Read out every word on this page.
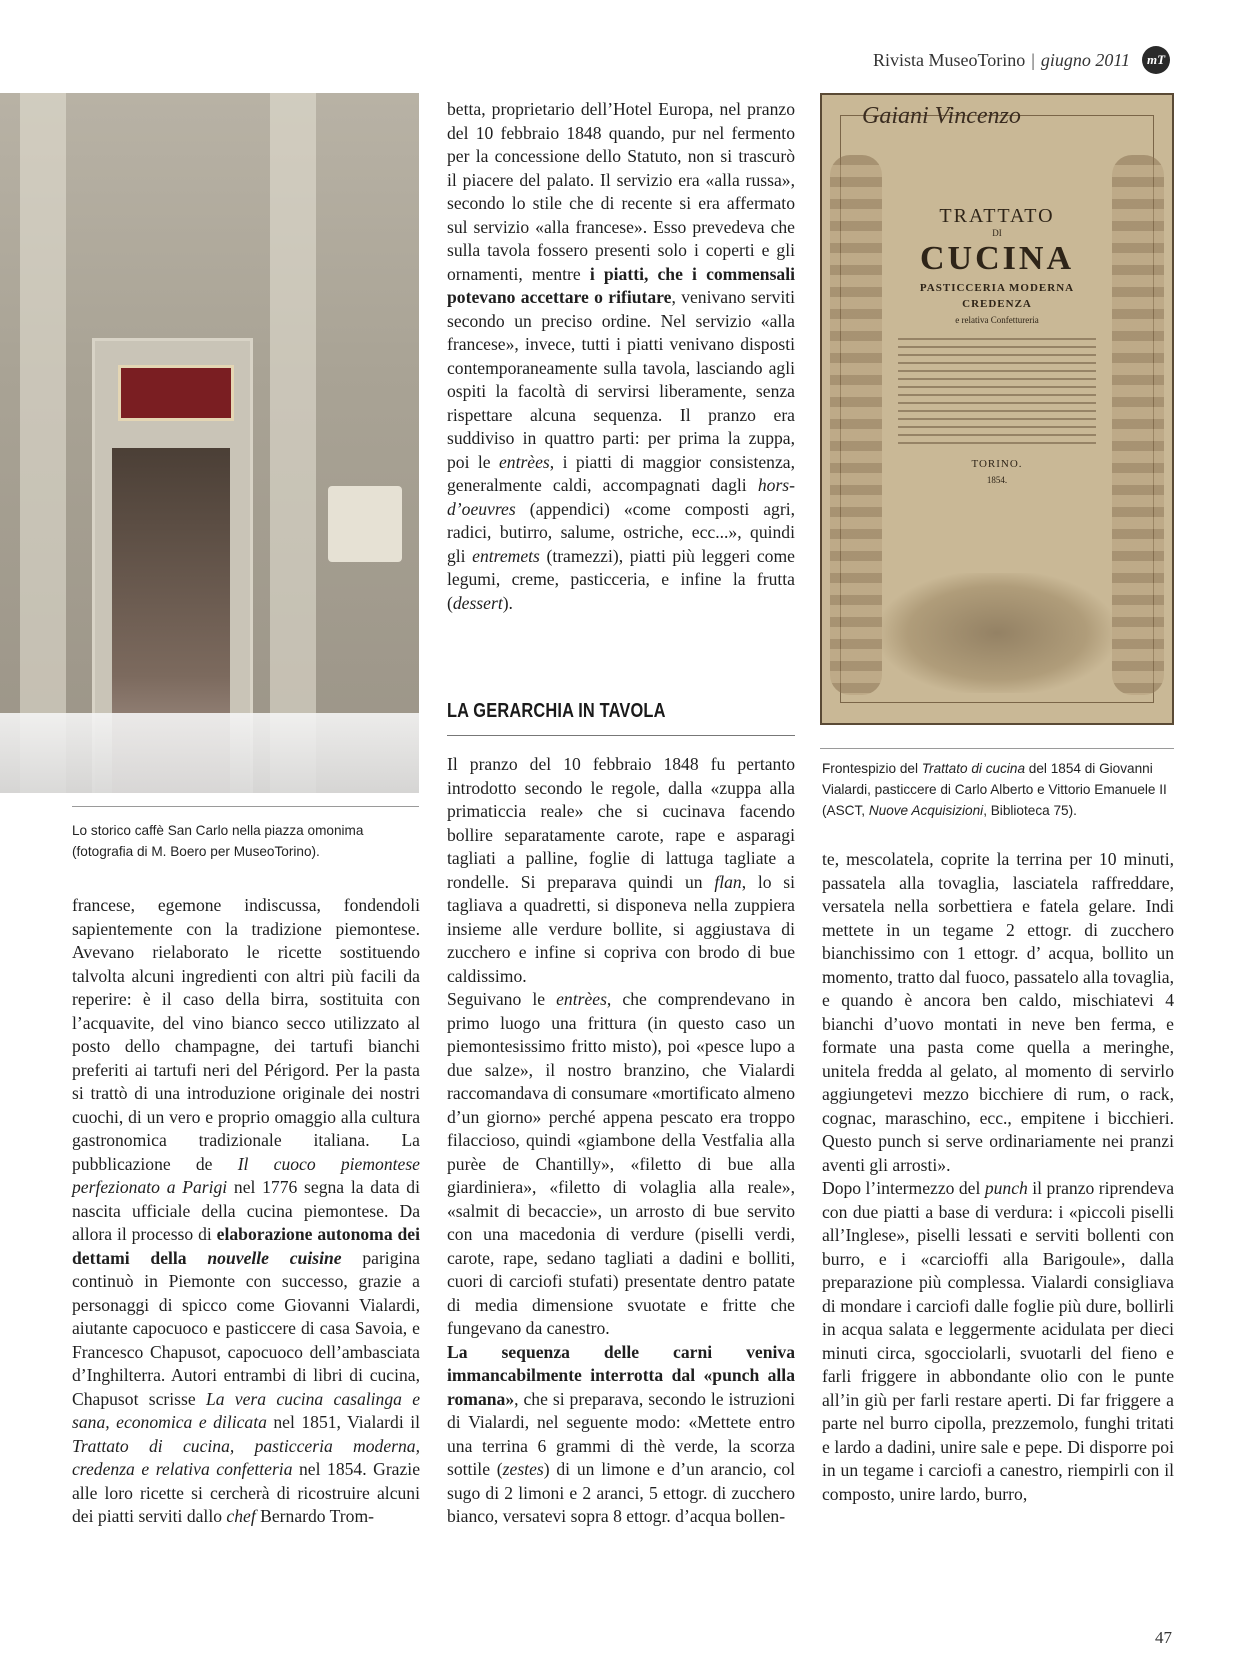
Rivista MuseoTorino | giugno 2011	mT
Lo storico caffè San Carlo nella piazza omonima (fotografia di M. Boero per MuseoTorino).

francese, egemone indiscussa, fondendoli sapientemente con la tradizione piemontese. Avevano rielaborato le ricette sostituendo talvolta alcuni ingredienti con altri più facili da reperire: è il caso della birra, sostituita con l’acquavite, del vino bianco secco utilizzato al posto dello champagne, dei tartufi bianchi preferiti ai tartufi neri del Périgord. Per la pasta si trattò di una introduzione originale dei nostri cuochi, di un vero e proprio omaggio alla cultura gastronomica tradizionale italiana. La pubblicazione de Il cuoco piemontese perfezionato a Parigi nel 1776 segna la data di nascita ufficiale della cucina piemontese. Da allora il processo di elaborazione autonoma dei dettami della nouvelle cuisine parigina continuò in Piemonte con successo, grazie a personaggi di spicco come Giovanni Vialardi, aiutante capocuoco e pasticcere di casa Savoia, e Francesco Chapusot, capocuoco dell’ambasciata d’Inghilterra. Autori entrambi di libri di cucina, Chapusot scrisse La vera cucina casalinga e sana, economica e dilicata nel 1851, Vialardi il Trattato di cucina, pasticceria moderna, credenza e relativa confetteria nel 1854. Grazie alle loro ricette si cercherà di ricostruire alcuni dei piatti serviti dallo chef Bernardo Trom-

betta, proprietario dell’Hotel Europa, nel pranzo del 10 febbraio 1848 quando, pur nel fermento per la concessione dello Statuto, non si trascurò il piacere del palato. Il servizio era «alla russa», secondo lo stile che di recente si era affermato sul servizio «alla francese». Esso prevedeva che sulla tavola fossero presenti solo i coperti e gli ornamenti, mentre i piatti, che i commensali potevano accettare o rifiutare, venivano serviti secondo un preciso ordine. Nel servizio «alla francese», invece, tutti i piatti venivano disposti contemporaneamente sulla tavola, lasciando agli ospiti la facoltà di servirsi liberamente, senza rispettare alcuna sequenza. Il pranzo era suddiviso in quattro parti: per prima la zuppa, poi le entrèes, i piatti di maggior consistenza, generalmente caldi, accompagnati dagli hors-d’oeuvres (appendici) «come composti agri, radici, butirro, salume, ostriche, ecc...», quindi gli entremets (tramezzi), piatti più leggeri come legumi, creme, pasticceria, e infine la frutta (dessert).

LA GERARCHIA IN TAVOLA

Il pranzo del 10 febbraio 1848 fu pertanto introdotto secondo le regole, dalla «zuppa alla primaticcia reale» che si cucinava facendo bollire separatamente carote, rape e asparagi tagliati a palline, foglie di lattuga tagliate a rondelle. Si preparava quindi un flan, lo si tagliava a quadretti, si disponeva nella zuppiera insieme alle verdure bollite, si aggiustava di zucchero e infine si copriva con brodo di bue caldissimo.

Seguivano le entrèes, che comprendevano in primo luogo una frittura (in questo caso un piemontesissimo fritto misto), poi «pesce lupo a due salze», il nostro branzino, che Vialardi raccomandava di consumare «mortificato almeno d’un giorno» perché appena pescato era troppo filaccioso, quindi «giambone della Vestfalia alla purèe de Chantilly», «filetto di bue alla giardiniera», «filetto di volaglia alla reale», «salmit di becaccie», un arrosto di bue servito con una macedonia di verdure (piselli verdi, carote, rape, sedano tagliati a dadini e bolliti, cuori di carciofi stufati) presentate dentro patate di media dimensione svuotate e fritte che fungevano da canestro.

La sequenza delle carni veniva immancabilmente interrotta dal «punch alla romana», che si preparava, secondo le istruzioni di Vialardi, nel seguente modo: «Mettete entro una terrina 6 grammi di thè verde, la scorza sottile (zestes) di un limone e d’un arancio, col sugo di 2 limoni e 2 aranci, 5 ettogr. di zucchero bianco, versatevi sopra 8 ettogr. d’acqua bollen-

Gaiani Vincenzo
TRATTATO
DI
CUCINA
PASTICCERIA MODERNA
CREDENZA
e relativa Confettureria
TORINO.
1854.
Frontespizio del Trattato di cucina del 1854 di Giovanni Vialardi, pasticcere di Carlo Alberto e Vittorio Emanuele II (ASCT, Nuove Acquisizioni, Biblioteca 75).

te, mescolatela, coprite la terrina per 10 minuti, passatela alla tovaglia, lasciatela raffreddare, versatela nella sorbettiera e fatela gelare. Indi mettete in un tegame 2 ettogr. di zucchero bianchissimo con 1 ettogr. d’ acqua, bollito un momento, tratto dal fuoco, passatelo alla tovaglia, e quando è ancora ben caldo, mischiatevi 4 bianchi d’uovo montati in neve ben ferma, e formate una pasta come quella a meringhe, unitela fredda al gelato, al momento di servirlo aggiungetevi mezzo bicchiere di rum, o rack, cognac, maraschino, ecc., empitene i bicchieri. Questo punch si serve ordinariamente nei pranzi aventi gli arrosti».

Dopo l’intermezzo del punch il pranzo riprendeva con due piatti a base di verdura: i «piccoli piselli all’Inglese», piselli lessati e serviti bollenti con burro, e i «carcioffi alla Barigoule», dalla preparazione più complessa. Vialardi consigliava di mondare i carciofi dalle foglie più dure, bollirli in acqua salata e leggermente acidulata per dieci minuti circa, sgocciolarli, svuotarli del fieno e farli friggere in abbondante olio con le punte all’in giù per farli restare aperti. Di far friggere a parte nel burro cipolla, prezzemolo, funghi tritati e lardo a dadini, unire sale e pepe. Di disporre poi in un tegame i carciofi a canestro, riempirli con il composto, unire lardo, burro,

47
